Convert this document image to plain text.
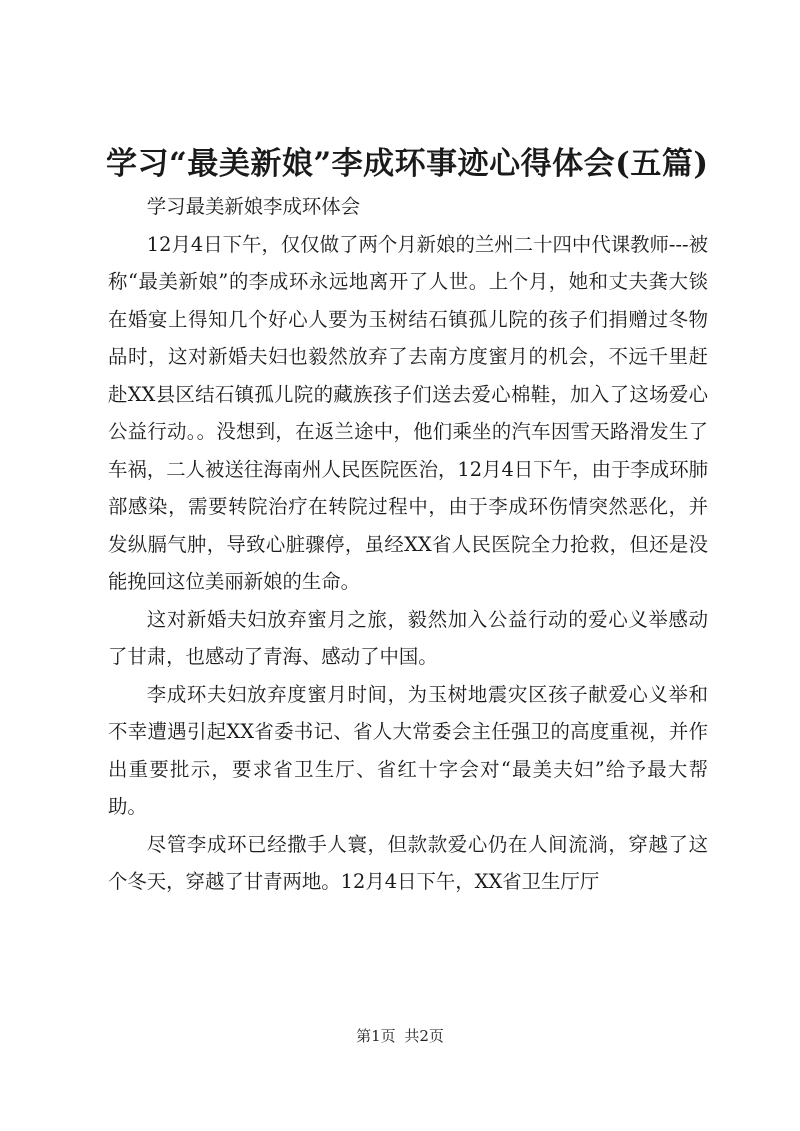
学习“最美新娘”李成环事迹心得体会(五篇)

学习最美新娘李成环体会

12月4日下午，仅仅做了两个月新娘的兰州二十四中代课教师---被称“最美新娘”的李成环永远地离开了人世。上个月，她和丈夫龚大锬在婚宴上得知几个好心人要为玉树结石镇孤儿院的孩子们捐赠过冬物品时，这对新婚夫妇也毅然放弃了去南方度蜜月的机会，不远千里赶赴XX县区结石镇孤儿院的藏族孩子们送去爱心棉鞋，加入了这场爱心公益行动。。没想到，在返兰途中，他们乘坐的汽车因雪天路滑发生了车祸，二人被送往海南州人民医院医治，12月4日下午，由于李成环肺部感染，需要转院治疗在转院过程中，由于李成环伤情突然恶化，并发纵膈气肿，导致心脏骤停，虽经XX省人民医院全力抢救，但还是没能挽回这位美丽新娘的生命。

这对新婚夫妇放弃蜜月之旅，毅然加入公益行动的爱心义举感动了甘肃，也感动了青海、感动了中国。

李成环夫妇放弃度蜜月时间，为玉树地震灾区孩子献爱心义举和不幸遭遇引起XX省委书记、省人大常委会主任强卫的高度重视，并作出重要批示，要求省卫生厅、省红十字会对“最美夫妇”给予最大帮助。

尽管李成环已经撒手人寰，但款款爱心仍在人间流淌，穿越了这个冬天，穿越了甘青两地。12月4日下午，XX省卫生厅厅

第1页 共2页
